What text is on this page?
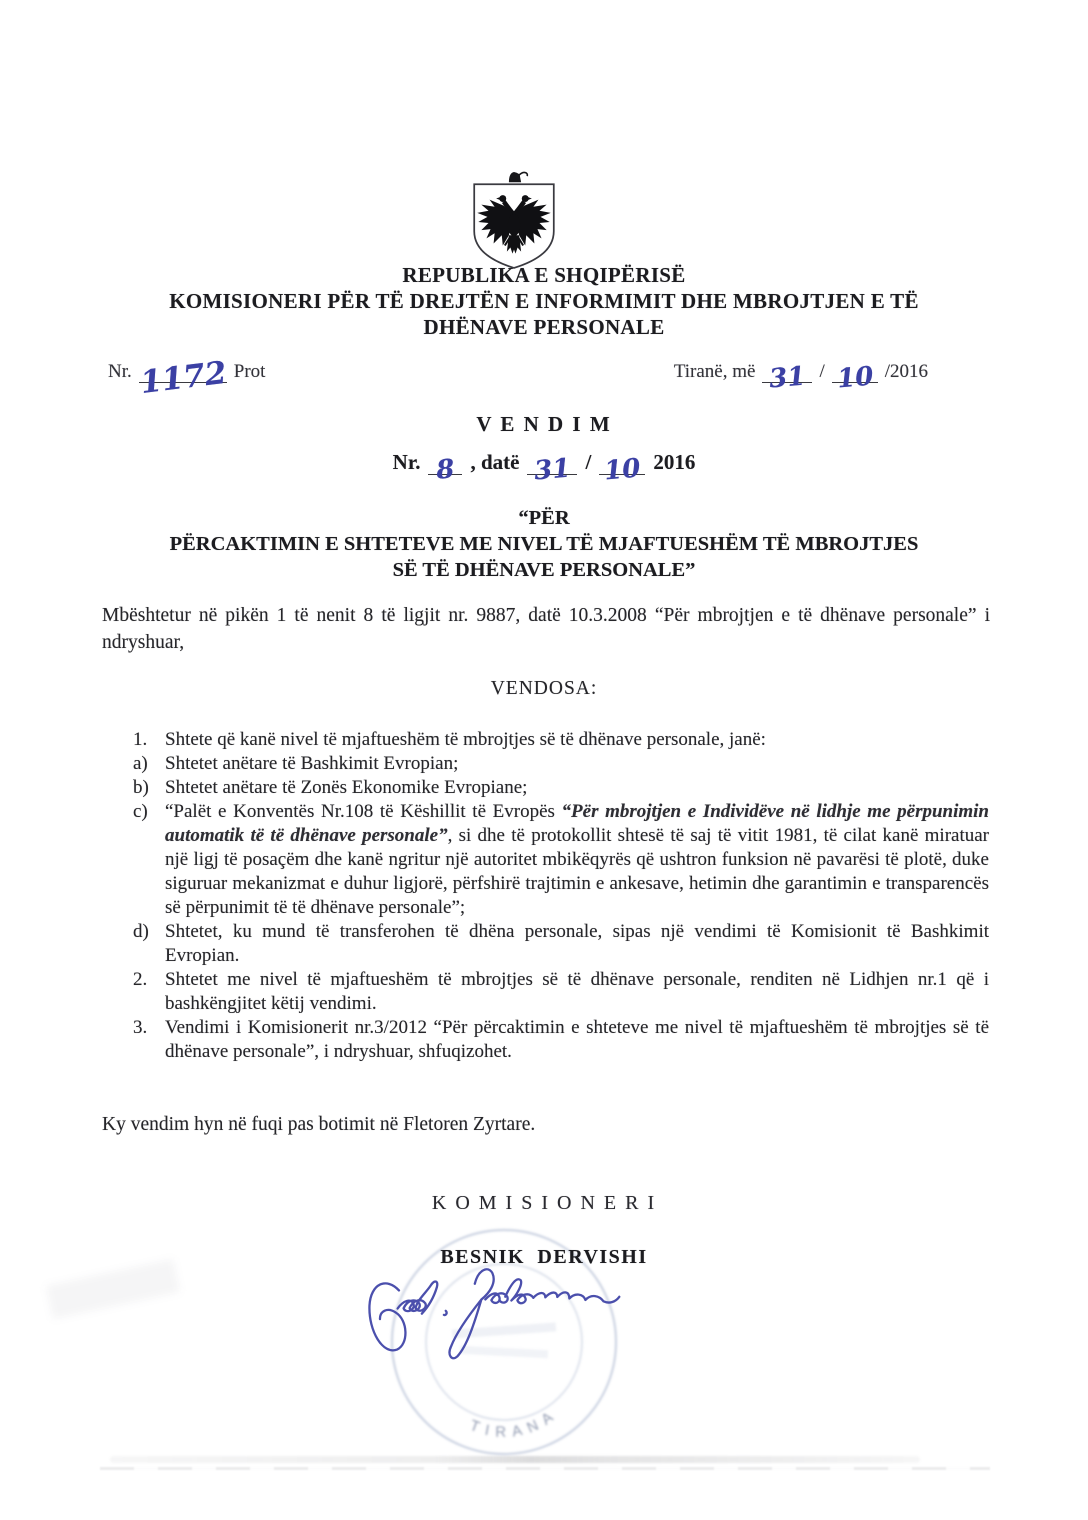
REPUBLIKA E SHQIPËRISË
KOMISIONERI PËR TË DREJTËN E INFORMIMIT DHE MBROJTJEN E TË
DHËNAVE PERSONALE
Nr. 1172 Prot	Tiranë, më 31 / 10 /2016
V E N D I M
Nr. 8 , datë 31 / 10 2016
“PËR
PËRCAKTIMIN E SHTETEVE ME NIVEL TË MJAFTUESHËM TË MBROJTJES
SË TË DHËNAVE PERSONALE”
Mbështetur në pikën 1 të nenit 8 të ligjit nr. 9887, datë 10.3.2008 “Për mbrojtjen e të dhënave personale” i ndryshuar,
VENDOSA:
1. Shtete që kanë nivel të mjaftueshëm të mbrojtjes së të dhënave personale, janë:
a) Shtetet anëtare të Bashkimit Evropian;
b) Shtetet anëtare të Zonës Ekonomike Evropiane;
c) “Palët e Konventës Nr.108 të Këshillit të Evropës “Për mbrojtjen e Individëve në lidhje me përpunimin automatik të të dhënave personale”, si dhe të protokollit shtesë të saj të vitit 1981, të cilat kanë miratuar një ligj të posaçëm dhe kanë ngritur një autoritet mbikëqyrës që ushtron funksion në pavarësi të plotë, duke siguruar mekanizmat e duhur ligjorë, përfshirë trajtimin e ankesave, hetimin dhe garantimin e transparencës së përpunimit të të dhënave personale”;
d) Shtetet, ku mund të transferohen të dhëna personale, sipas një vendimi të Komisionit të Bashkimit Evropian.
2. Shtetet me nivel të mjaftueshëm të mbrojtjes së të dhënave personale, renditen në Lidhjen nr.1 që i bashkëngjitet këtij vendimi.
3. Vendimi i Komisionerit nr.3/2012 “Për përcaktimin e shteteve me nivel të mjaftueshëm të mbrojtjes së të dhënave personale”, i ndryshuar, shfuqizohet.
Ky vendim hyn në fuqi pas botimit në Fletoren Zyrtare.
K O M I S I O N E R I
BESNIK DERVISHI
TIRANA
